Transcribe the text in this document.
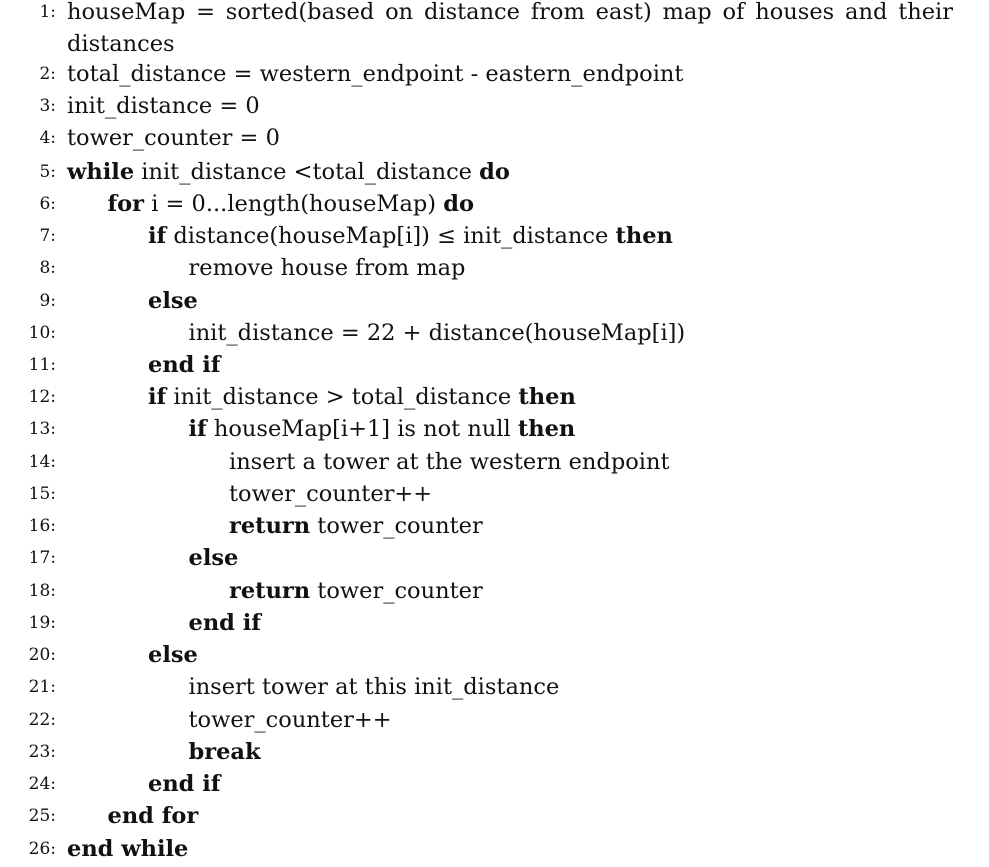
1: houseMap = sorted(based on distance from east) map of houses and their distances
2: total_distance = western_endpoint - eastern_endpoint
3: init_distance = 0
4: tower_counter = 0
5: while init_distance <total_distance do
6: for i = 0...length(houseMap) do
7:	if distance(houseMap[i]) ≤ init_distance then
8:	remove house from map
9:	else
10:	init_distance = 22 + distance(houseMap[i])
11:	end if
12:	if init_distance > total_distance then
13:	if houseMap[i+1] is not null then
14:	insert a tower at the western endpoint
15:	tower_counter++
16:	return tower_counter
17:	else
18:	return tower_counter
19:	end if
20:	else
21:	insert tower at this init_distance
22:	tower_counter++
23:	break
24:	end if
25: end for
26: end while
